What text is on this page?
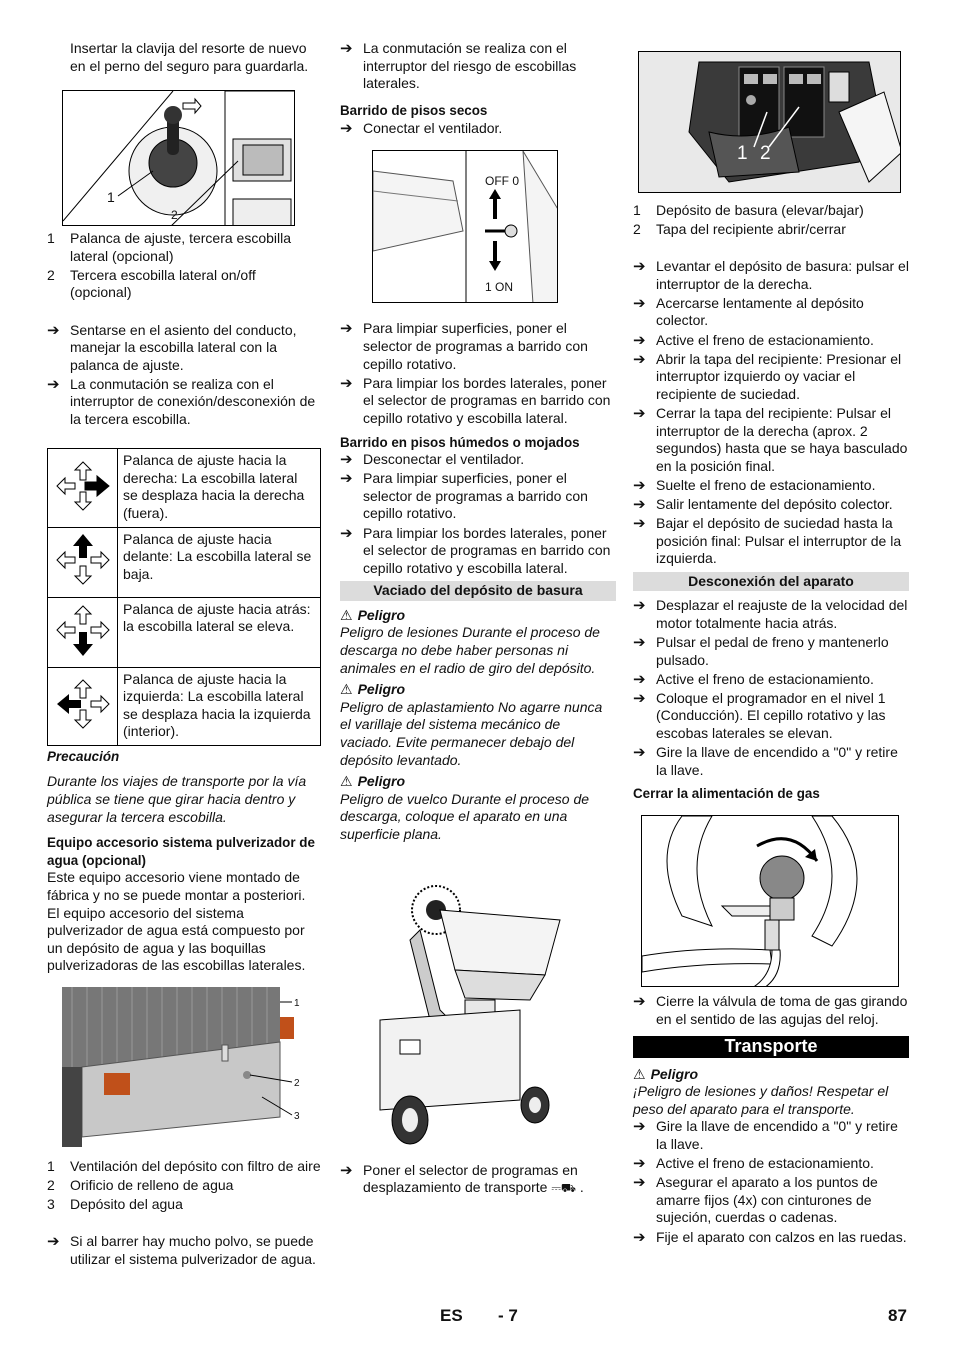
Insertar la clavija del resorte de nuevo en el perno del seguro para guardarla.

1
2
1	Palanca de ajuste, tercera escobilla lateral (opcional)
2	Tercera escobilla lateral on/off (opcional)
➔ Sentarse en el asiento del conducto, manejar la escobilla lateral con la palanca de ajuste.
➔ La conmutación se realiza con el interruptor de conexión/desconexión de la tercera escobilla.
	Palanca de ajuste hacia la derecha: La escobilla lateral se desplaza hacia la derecha (fuera).
	Palanca de ajuste hacia delante: La escobilla lateral se baja.
	Palanca de ajuste hacia atrás: la escobilla lateral se eleva.
	Palanca de ajuste hacia la izquierda: La escobilla lateral se desplaza hacia la izquierda (interior).

Precaución

Durante los viajes de transporte por la vía pública se tiene que girar hacia dentro y asegurar la tercera escobilla.

Equipo accesorio sistema pulverizador de agua (opcional)

Este equipo accesorio viene montado de fábrica y no se puede montar a posteriori. El equipo accesorio del sistema pulverizador de agua está compuesto por un depósito de agua y las boquillas pulverizadoras de las escobillas laterales.

1
2
3
1	Ventilación del depósito con filtro de aire
2	Orificio de relleno de agua
3	Depósito del agua
➔ Si al barrer hay mucho polvo, se puede utilizar el sistema pulverizador de agua.
➔ La conmutación se realiza con el interruptor del riesgo de escobillas laterales.

Barrido de pisos secos

➔ Conectar el ventilador.
OFF 0
1 ON
➔ Para limpiar superficies, poner el selector de programas a barrido con cepillo rotativo.
➔ Para limpiar los bordes laterales, poner el selector de programas en barrido con cepillo rotativo y escobilla lateral.

Barrido en pisos húmedos o mojados

➔ Desconectar el ventilador.
➔ Para limpiar superficies, poner el selector de programas a barrido con cepillo rotativo.
➔ Para limpiar los bordes laterales, poner el selector de programas en barrido con cepillo rotativo y escobilla lateral.
Vaciado del depósito de basura
⚠ Peligro

Peligro de lesiones Durante el proceso de descarga no debe haber personas ni animales en el radio de giro del depósito.

⚠ Peligro

Peligro de aplastamiento No agarre nunca el varillaje del sistema mecánico de vaciado. Evite permanecer debajo del depósito levantado.

⚠ Peligro

Peligro de vuelco Durante el proceso de descarga, coloque el aparato en una superficie plana.

➔ Poner el selector de programas en desplazamiento de transporte ⎓⛟ .
1 2
1	Depósito de basura (elevar/bajar)
2	Tapa del recipiente abrir/cerrar
➔ Levantar el depósito de basura: pulsar el interruptor de la derecha.
➔ Acercarse lentamente al depósito colector.
➔ Active el freno de estacionamiento.
➔ Abrir la tapa del recipiente: Presionar el interruptor izquierdo oy vaciar el recipiente de suciedad.
➔ Cerrar la tapa del recipiente: Pulsar el interruptor de la derecha (aprox. 2 segundos) hasta que se haya basculado en la posición final.
➔ Suelte el freno de estacionamiento.
➔ Salir lentamente del depósito colector.
➔ Bajar el depósito de suciedad hasta la posición final: Pulsar el interruptor de la izquierda.
Desconexión del aparato
➔ Desplazar el reajuste de la velocidad del motor totalmente hacia atrás.
➔ Pulsar el pedal de freno y mantenerlo pulsado.
➔ Active el freno de estacionamiento.
➔ Coloque el programador en el nivel 1 (Conducción). El cepillo rotativo y las escobas laterales se elevan.
➔ Gire la llave de encendido a "0" y retire la llave.

Cerrar la alimentación de gas

➔ Cierre la válvula de toma de gas girando en el sentido de las agujas del reloj.
Transporte
⚠ Peligro

¡Peligro de lesiones y daños! Respetar el peso del aparato para el transporte.

➔ Gire la llave de encendido a "0" y retire la llave.
➔ Active el freno de estacionamiento.
➔ Asegurar el aparato a los puntos de amarre fijos (4x) con cinturones de sujeción, cuerdas o cadenas.
➔ Fije el aparato con calzos en las ruedas.
ES - 7	87
